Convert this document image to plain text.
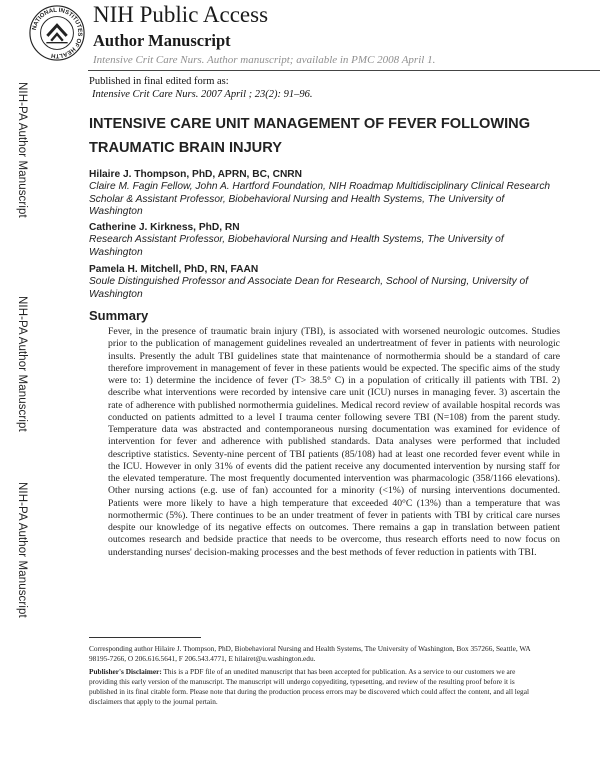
NIH-PA Author Manuscript
NIH-PA Author Manuscript
NIH-PA Author Manuscript
NATIONAL INSTITUTES OF HEALTH
NIH Public Access
Author Manuscript
Intensive Crit Care Nurs. Author manuscript; available in PMC 2008 April 1.
Published in final edited form as:
Intensive Crit Care Nurs. 2007 April ; 23(2): 91–96.
INTENSIVE CARE UNIT MANAGEMENT OF FEVER FOLLOWING TRAUMATIC BRAIN INJURY
Hilaire J. Thompson, PhD, APRN, BC, CNRN
Claire M. Fagin Fellow, John A. Hartford Foundation, NIH Roadmap Multidisciplinary Clinical Research Scholar & Assistant Professor, Biobehavioral Nursing and Health Systems, The University of Washington
Catherine J. Kirkness, PhD, RN
Research Assistant Professor, Biobehavioral Nursing and Health Systems, The University of Washington
Pamela H. Mitchell, PhD, RN, FAAN
Soule Distinguished Professor and Associate Dean for Research, School of Nursing, University of Washington
Summary
Fever, in the presence of traumatic brain injury (TBI), is associated with worsened neurologic outcomes. Studies prior to the publication of management guidelines revealed an undertreatment of fever in patients with neurologic insults. Presently the adult TBI guidelines state that maintenance of normothermia should be a standard of care therefore improvement in management of fever in these patients would be expected. The specific aims of the study were to: 1) determine the incidence of fever (T> 38.5° C) in a population of critically ill patients with TBI. 2) describe what interventions were recorded by intensive care unit (ICU) nurses in managing fever. 3) ascertain the rate of adherence with published normothermia guidelines. Medical record review of available hospital records was conducted on patients admitted to a level I trauma center following severe TBI (N=108) from the parent study. Temperature data was abstracted and contemporaneous nursing documentation was examined for evidence of intervention for fever and adherence with published standards. Data analyses were performed that included descriptive statistics. Seventy-nine percent of TBI patients (85/108) had at least one recorded fever event while in the ICU. However in only 31% of events did the patient receive any documented intervention by nursing staff for the elevated temperature. The most frequently documented intervention was pharmacologic (358/1166 elevations). Other nursing actions (e.g. use of fan) accounted for a minority (<1%) of nursing interventions documented. Patients were more likely to have a high temperature that exceeded 40°C (13%) than a temperature that was normothermic (5%). There continues to be an under treatment of fever in patients with TBI by critical care nurses despite our knowledge of its negative effects on outcomes. There remains a gap in translation between patient outcomes research and bedside practice that needs to be overcome, thus research efforts need to now focus on understanding nurses' decision-making processes and the best methods of fever reduction in patients with TBI.
Corresponding author Hilaire J. Thompson, PhD, Biobehavioral Nursing and Health Systems, The University of Washington, Box 357266, Seattle, WA 98195-7266, O 206.616.5641, F 206.543.4771, E hilairet@u.washington.edu.
Publisher's Disclaimer: This is a PDF file of an unedited manuscript that has been accepted for publication. As a service to our customers we are providing this early version of the manuscript. The manuscript will undergo copyediting, typesetting, and review of the resulting proof before it is published in its final citable form. Please note that during the production process errors may be discovered which could affect the content, and all legal disclaimers that apply to the journal pertain.
